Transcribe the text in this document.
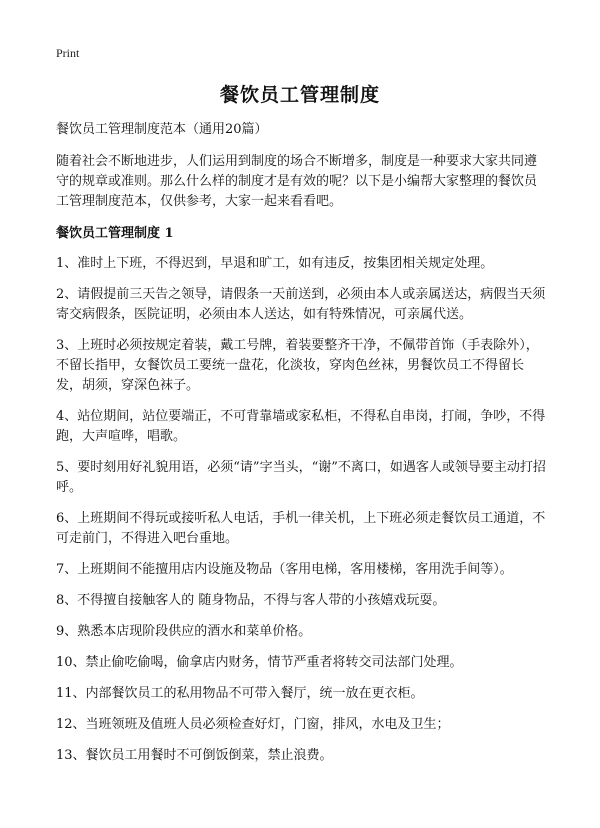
Print
餐饮员工管理制度

餐饮员工管理制度范本（通用20篇）

随着社会不断地进步，人们运用到制度的场合不断增多，制度是一种要求大家共同遵守的规章或准则。那么什么样的制度才是有效的呢？以下是小编帮大家整理的餐饮员工管理制度范本，仅供参考，大家一起来看看吧。

餐饮员工管理制度 1

1、准时上下班，不得迟到，早退和旷工，如有违反，按集团相关规定处理。

2、请假提前三天告之领导，请假条一天前送到，必须由本人或亲属送达，病假当天须寄交病假条，医院证明，必须由本人送达，如有特殊情况，可亲属代送。

3、上班时必须按规定着装，戴工号牌，着装要整齐干净，不佩带首饰（手表除外），不留长指甲，女餐饮员工要统一盘花，化淡妆，穿肉色丝袜，男餐饮员工不得留长发，胡须，穿深色袜子。

4、站位期间，站位要端正，不可背靠墙或家私柜，不得私自串岗，打闹，争吵，不得跑，大声喧哗，唱歌。

5、要时刻用好礼貌用语，必须“请”字当头，“谢”不离口，如遇客人或领导要主动打招呼。

6、上班期间不得玩或接听私人电话，手机一律关机，上下班必须走餐饮员工通道，不可走前门，不得进入吧台重地。

7、上班期间不能擅用店内设施及物品（客用电梯，客用楼梯，客用洗手间等）。

8、不得擅自接触客人的 随身物品，不得与客人带的小孩嬉戏玩耍。

9、熟悉本店现阶段供应的酒水和菜单价格。

10、禁止偷吃偷喝，偷拿店内财务，情节严重者将转交司法部门处理。

11、内部餐饮员工的私用物品不可带入餐厅，统一放在更衣柜。

12、当班领班及值班人员必须检查好灯，门窗，排风，水电及卫生；

13、餐饮员工用餐时不可倒饭倒菜，禁止浪费。
